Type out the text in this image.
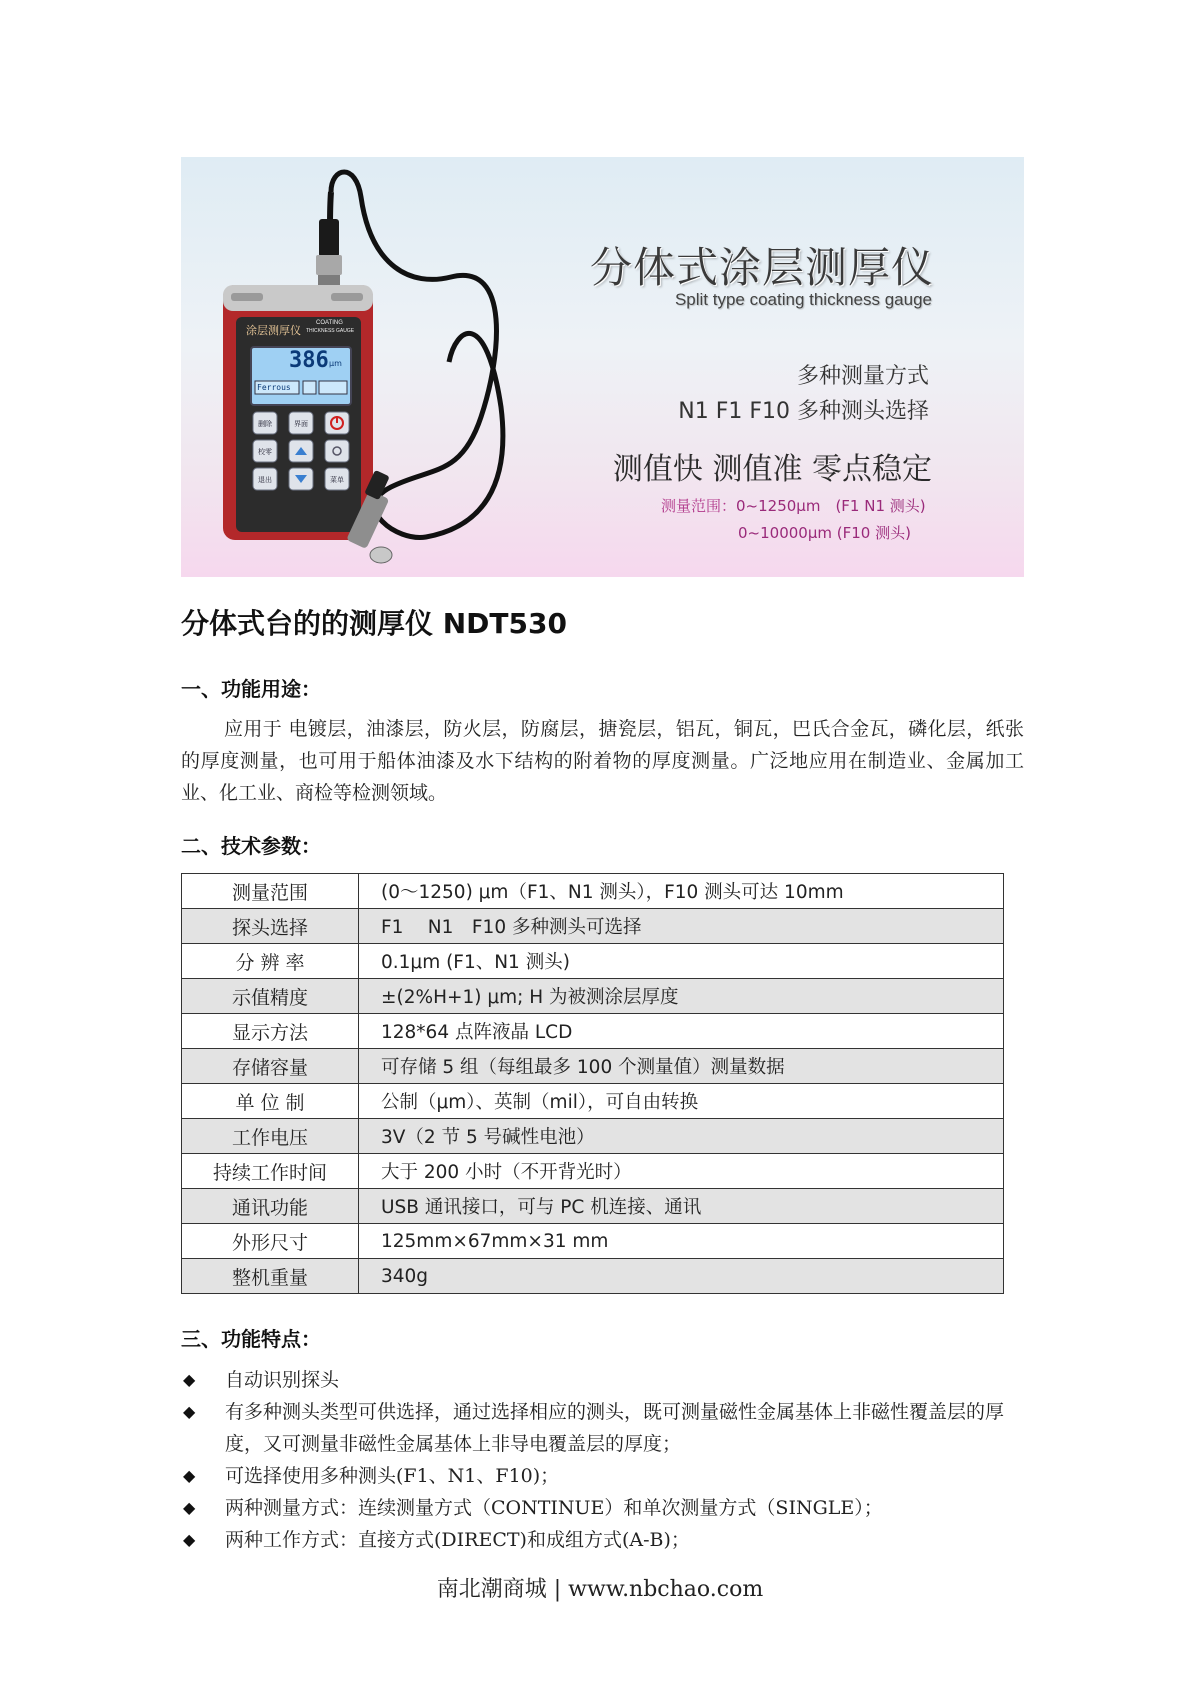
涂层测厚仪
COATING
THICKNESS GAUGE
386 μm
Ferrous
删除	界面
校零
退出	菜单
分体式涂层测厚仪
Split type coating thickness gauge
多种测量方式
N1 F1 F10 多种测头选择
测值快 测值准 零点稳定
测量范围：0~1250μm　(F1 N1 测头)
0~10000μm (F10 测头)
分体式台的的测厚仪 NDT530
一、功能用途：
应用于 电镀层，油漆层，防火层，防腐层，搪瓷层，铝瓦，铜瓦，巴氏合金瓦，磷化层，纸张的厚度测量，也可用于船体油漆及水下结构的附着物的厚度测量。广泛地应用在制造业、金属加工业、化工业、商检等检测领域。
二、技术参数：
测量范围	(0～1250) μm（F1、N1 测头），F10 测头可达 10mm
探头选择	F1　 N1　F10 多种测头可选择
分 辨 率	0.1μm (F1、N1 测头)
示值精度	±(2%H+1) μm; H 为被测涂层厚度
显示方法	128*64 点阵液晶 LCD
存储容量	可存储 5 组（每组最多 100 个测量值）测量数据
单 位 制	公制（μm）、英制（mil），可自由转换
工作电压	3V（2 节 5 号碱性电池）
持续工作时间	大于 200 小时（不开背光时）
通讯功能	USB 通讯接口，可与 PC 机连接、通讯
外形尺寸	125mm×67mm×31 mm
整机重量	340g
三、功能特点：
◆ 自动识别探头
◆ 有多种测头类型可供选择，通过选择相应的测头，既可测量磁性金属基体上非磁性覆盖层的厚度，又可测量非磁性金属基体上非导电覆盖层的厚度；
◆ 可选择使用多种测头(F1、N1、F10)；
◆ 两种测量方式：连续测量方式（CONTINUE）和单次测量方式（SINGLE）；
◆ 两种工作方式：直接方式(DIRECT)和成组方式(A-B)；
南北潮商城 | www.nbchao.com
